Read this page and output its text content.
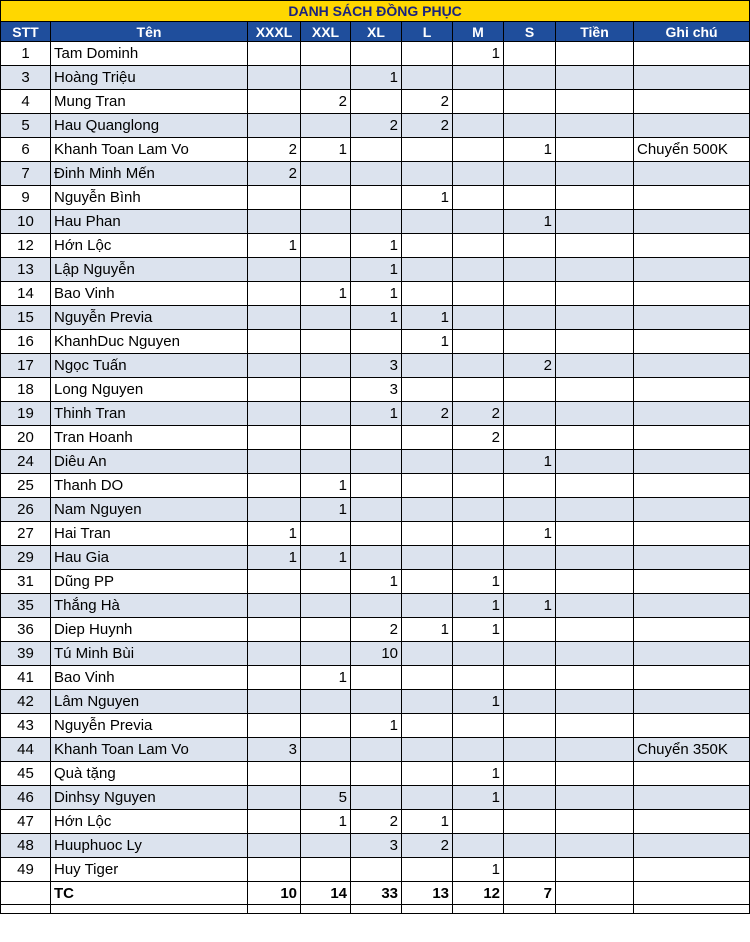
DANH SÁCH ĐỒNG PHỤC									
STT	Tên	XXXL	XXL	XL	L	M	S	Tiền	Ghi chú
1	Tam Dominh					1			
3	Hoàng Triệu			1					
4	Mung Tran		2		2				
5	Hau Quanglong			2	2				
6	Khanh Toan Lam Vo	2	1				1		Chuyển 500K
7	Đinh Minh Mến	2							
9	Nguyễn Bình				1				
10	Hau Phan						1		
12	Hớn Lộc	1		1					
13	Lập Nguyễn			1					
14	Bao Vinh		1	1					
15	Nguyễn Previa			1	1				
16	KhanhDuc Nguyen				1				
17	Ngọc Tuấn			3			2		
18	Long Nguyen			3					
19	Thinh Tran			1	2	2			
20	Tran Hoanh					2			
24	Diêu An						1		
25	Thanh DO		1						
26	Nam Nguyen		1						
27	Hai Tran	1					1		
29	Hau Gia	1	1						
31	Dũng PP			1		1			
35	Thắng Hà					1	1		
36	Diep Huynh			2	1	1			
39	Tú Minh Bùi			10					
41	Bao Vinh		1						
42	Lâm Nguyen					1			
43	Nguyễn Previa			1					
44	Khanh Toan Lam Vo	3							Chuyển 350K
45	Quà tặng					1			
46	Dinhsy Nguyen		5			1			
47	Hớn Lộc		1	2	1				
48	Huuphuoc Ly			3	2				
49	Huy Tiger					1			
	TC	10	14	33	13	12	7		
